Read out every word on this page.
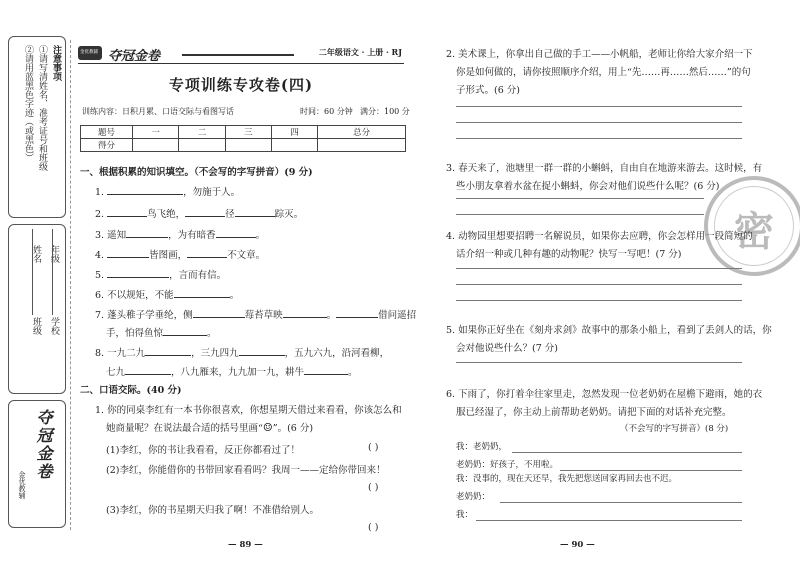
注意事项
①请写清姓名、准考证号和班级
②请用蓝黑色字迹（或黑色）
学校
年级
班级
姓名
夺冠金卷
金优教辅
金优教辅 夺冠金卷	二年级语文 · 上册 · RJ
专项训练专攻卷(四)
训练内容：日积月累、口语交际与看图写话	时间：60 分钟 满分：100 分
题号	一	二	三	四	总分
得分					
一、根据积累的知识填空。（不会写的字写拼音）(9 分)
1.	，勿施于人。
2.	鸟飞绝，	径	踪灭。
3. 遥知	，为有暗香	。
4.	皆图画，	不文章。
5.	，言而有信。
6. 不以规矩，不能	。
7. 蓬头稚子学垂纶，侧	莓苔草映	。	借问遥招
手，怕得鱼惊	。
8. 一九二九	，三九四九	，五九六九，沿河看柳，
七九	，八九雁来，九九加一九，耕牛	。
二、口语交际。(40 分)
1. 你的同桌李红有一本书你很喜欢，你想星期天借过来看看，你该怎么和
她商量呢？在说法最合适的括号里画“☺”。(6 分)
(1)李红，你的书让我看看，反正你都看过了！	( )
(2)李红，你能借你的书带回家看看吗？我周一——定给你带回来！
( )
(3)李红，你的书星期天归我了啊！不准借给别人。
( )
— 89 —
密
2. 美术课上，你拿出自己做的手工——小帆船，老师让你给大家介绍一下
你是如何做的，请你按照顺序介绍，用上“先……再……然后……”的句
子形式。(6 分)
3. 春天来了，池塘里一群一群的小蝌蚪，自由自在地游来游去。这时候，有
些小朋友拿着水盆在捉小蝌蚪，你会对他们说些什么呢？(6 分)
4. 动物园里想要招聘一名解说员，如果你去应聘，你会怎样用一段简短的
话介绍一种或几种有趣的动物呢？快写一写吧！(7 分)
5. 如果你正好坐在《刻舟求剑》故事中的那条小船上，看到了丢剑人的话，你
会对他说些什么？(7 分)
6. 下雨了，你打着伞往家里走，忽然发现一位老奶奶在屋檐下避雨，她的衣
服已经湿了，你主动上前帮助老奶奶。请把下面的对话补充完整。
（不会写的字写拼音）(8 分)
我：老奶奶，
老奶奶：好孩子，不用啦。
我：没事的，现在天还早，我先把您送回家再回去也不迟。
老奶奶：
我：
— 90 —
